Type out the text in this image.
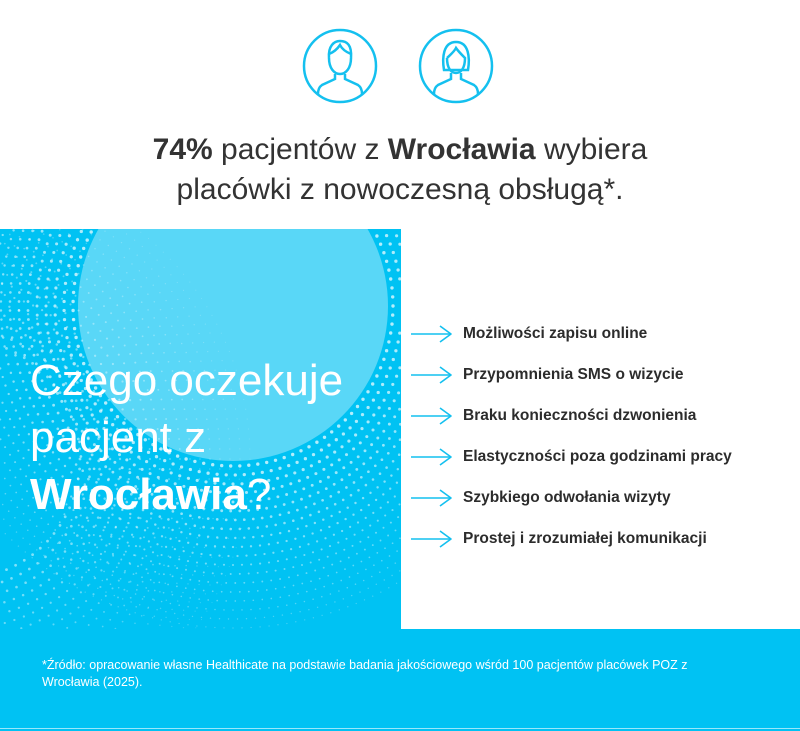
74% pacjentów z Wrocławia wybiera
placówki z nowoczesną obsługą*.
Czego oczekuje
pacjent z
Wrocławia?
Możliwości zapisu online
Przypomnienia SMS o wizycie
Braku konieczności dzwonienia
Elastyczności poza godzinami pracy
Szybkiego odwołania wizyty
Prostej i zrozumiałej komunikacji
*Źródło: opracowanie własne Healthicate na podstawie badania jakościowego wśród 100 pacjentów placówek POZ z Wrocławia (2025).
